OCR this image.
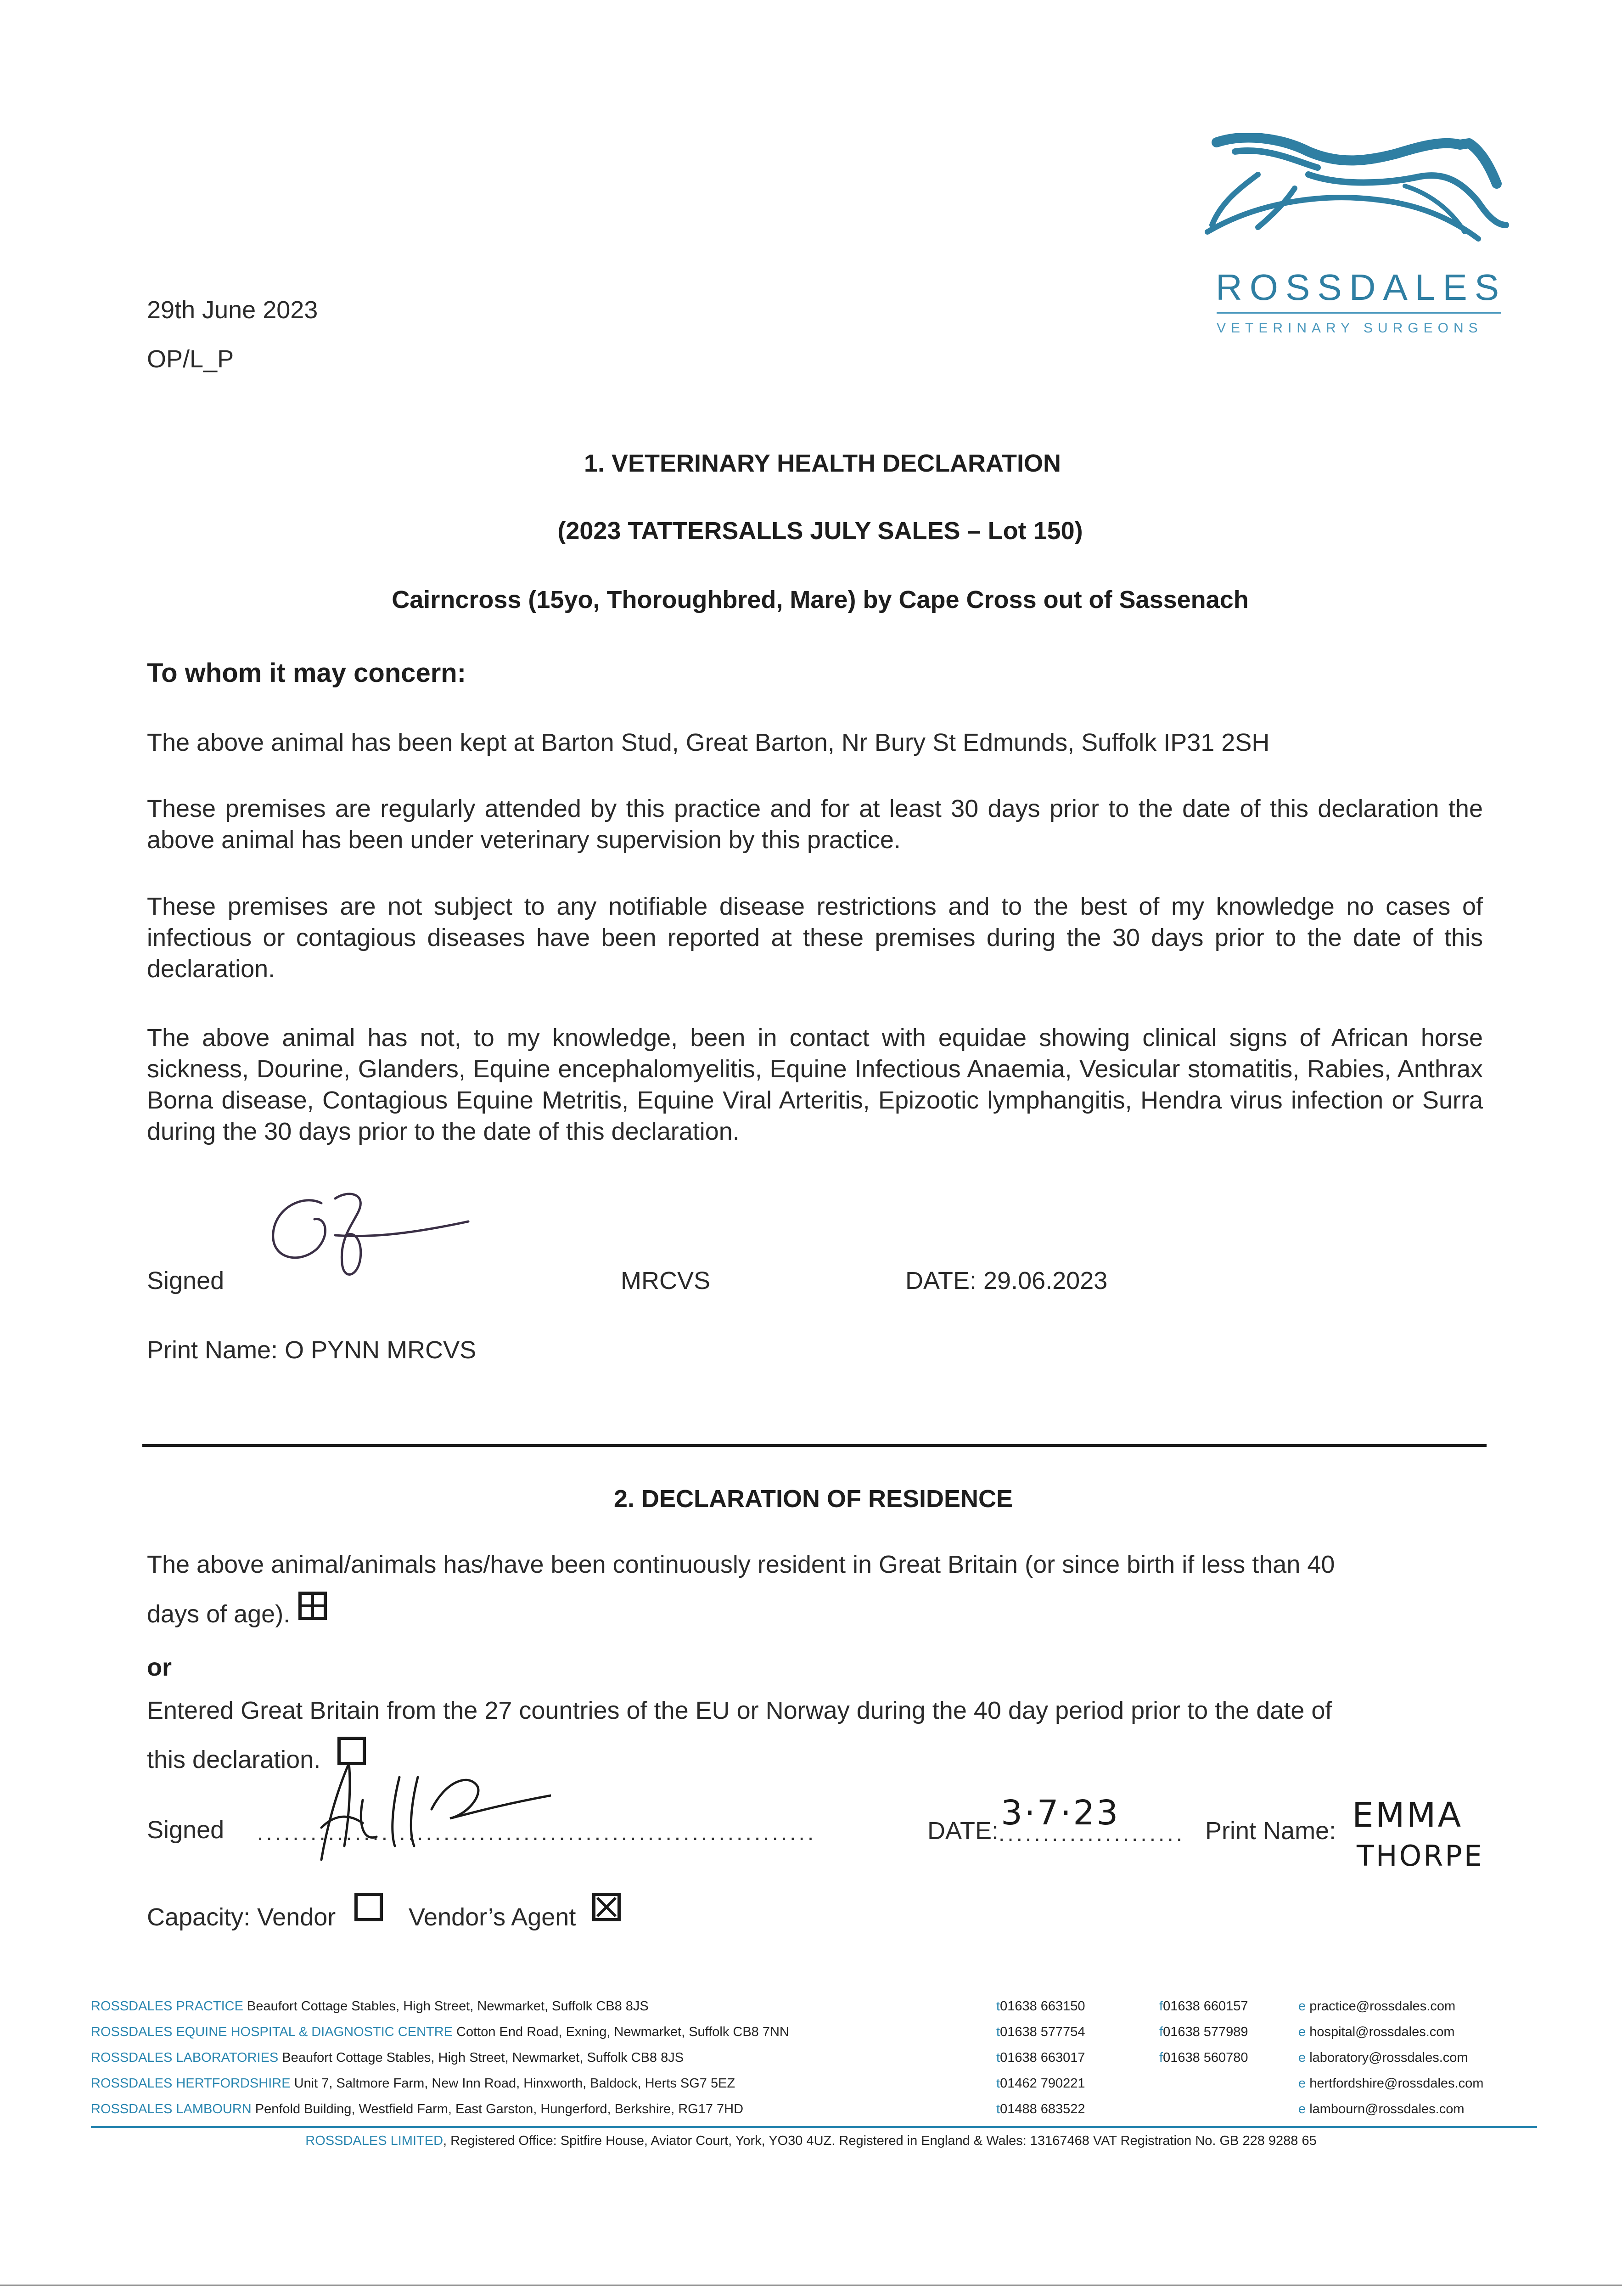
29th June 2023
OP/L_P
ROSSDALES
VETERINARY SURGEONS
1. VETERINARY HEALTH DECLARATION
(2023 TATTERSALLS JULY SALES – Lot 150)
Cairncross (15yo, Thoroughbred, Mare) by Cape Cross out of Sassenach
To whom it may concern:

The above animal has been kept at Barton Stud, Great Barton, Nr Bury St Edmunds, Suffolk IP31 2SH

These premises are regularly attended by this practice and for at least 30 days prior to the date of this declaration the above animal has been under veterinary supervision by this practice.

These premises are not subject to any notifiable disease restrictions and to the best of my knowledge no cases of infectious or contagious diseases have been reported at these premises during the 30 days prior to the date of this declaration.

The above animal has not, to my knowledge, been in contact with equidae showing clinical signs of African horse sickness, Dourine, Glanders, Equine encephalomyelitis, Equine Infectious Anaemia, Vesicular stomatitis, Rabies, Anthrax Borna disease, Contagious Equine Metritis, Equine Viral Arteritis, Epizootic lymphangitis, Hendra virus infection or Surra during the 30 days prior to the date of this declaration.

Signed	MRCVS	DATE: 29.06.2023
Print Name: O PYNN MRCVS
2. DECLARATION OF RESIDENCE
The above animal/animals has/have been continuously resident in Great Britain (or since birth if less than 40
days of age).
or
Entered Great Britain from the 27 countries of the EU or Norway during the 40 day period prior to the date of
this declaration.
Signed ...............................................................	DATE: .....................
3·7·23	Print Name: EMMA
THORPE
Capacity: Vendor	Vendor’s Agent
ROSSDALES PRACTICE Beaufort Cottage Stables, High Street, Newmarket, Suffolk CB8 8JS	t01638 663150	f01638 660157	e practice@rossdales.com
ROSSDALES EQUINE HOSPITAL & DIAGNOSTIC CENTRE Cotton End Road, Exning, Newmarket, Suffolk CB8 7NN	t01638 577754	f01638 577989	e hospital@rossdales.com
ROSSDALES LABORATORIES Beaufort Cottage Stables, High Street, Newmarket, Suffolk CB8 8JS	t01638 663017	f01638 560780	e laboratory@rossdales.com
ROSSDALES HERTFORDSHIRE Unit 7, Saltmore Farm, New Inn Road, Hinxworth, Baldock, Herts SG7 5EZ	t01462 790221	e hertfordshire@rossdales.com
ROSSDALES LAMBOURN Penfold Building, Westfield Farm, East Garston, Hungerford, Berkshire, RG17 7HD	t01488 683522	e lambourn@rossdales.com
ROSSDALES LIMITED, Registered Office: Spitfire House, Aviator Court, York, YO30 4UZ. Registered in England & Wales: 13167468 VAT Registration No. GB 228 9288 65
